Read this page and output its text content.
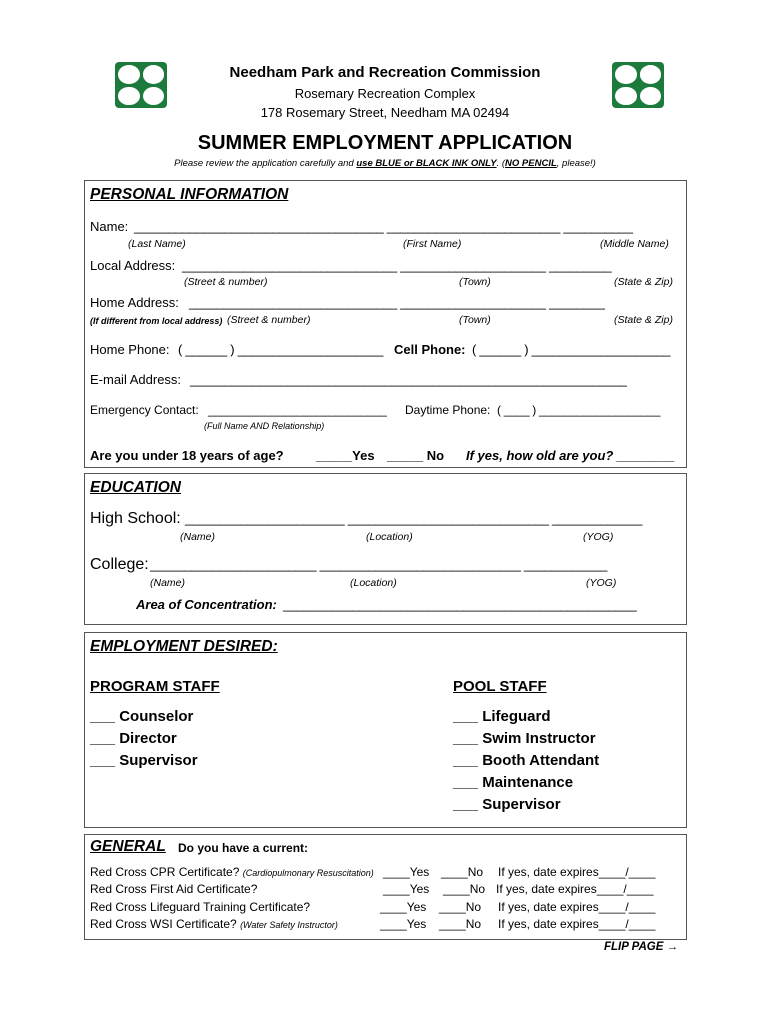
Needham Park and Recreation Commission
Rosemary Recreation Complex
178 Rosemary Street, Needham MA 02494
SUMMER EMPLOYMENT APPLICATION
Please review the application carefully and use BLUE or BLACK INK ONLY. (NO PENCIL, please!)
PERSONAL INFORMATION
Name: ____________________________________ _________________________ __________
(Last Name)	(First Name)	(Middle Name)
Local Address: _______________________________ _____________________ _________
(Street & number)	(Town)	(State & Zip)
Home Address: ______________________________ _____________________ ________
(If different from local address) (Street & number)	(Town)	(State & Zip)
Home Phone: ( ______ ) _____________________ Cell Phone: ( ______ ) ____________________
E-mail Address: _______________________________________________________________
Emergency Contact: ____________________________ Daytime Phone: ( ____ ) ___________________
(Full Name AND Relationship)
Are you under 18 years of age? _____Yes _____ No If yes, how old are you? ________
EDUCATION
High School: _______________________ _____________________________ _____________
(Name)	(Location)	(YOG)
College: ________________________ _____________________________ ____________
(Name)	(Location)	(YOG)
Area of Concentration: ___________________________________________________
EMPLOYMENT DESIRED:
PROGRAM STAFF	POOL STAFF
___ Counselor
___ Director
___ Supervisor
___ Lifeguard
___ Swim Instructor
___ Booth Attendant
___ Maintenance
___ Supervisor
GENERAL Do you have a current:
Red Cross CPR Certificate? (Cardiopulmonary Resuscitation) ____Yes ____No If yes, date expires____/____
Red Cross First Aid Certificate?	____Yes ____No If yes, date expires____/____
Red Cross Lifeguard Training Certificate?	____Yes ____No If yes, date expires____/____
Red Cross WSI Certificate? (Water Safety Instructor)	____Yes ____No If yes, date expires____/____
FLIP PAGE →
